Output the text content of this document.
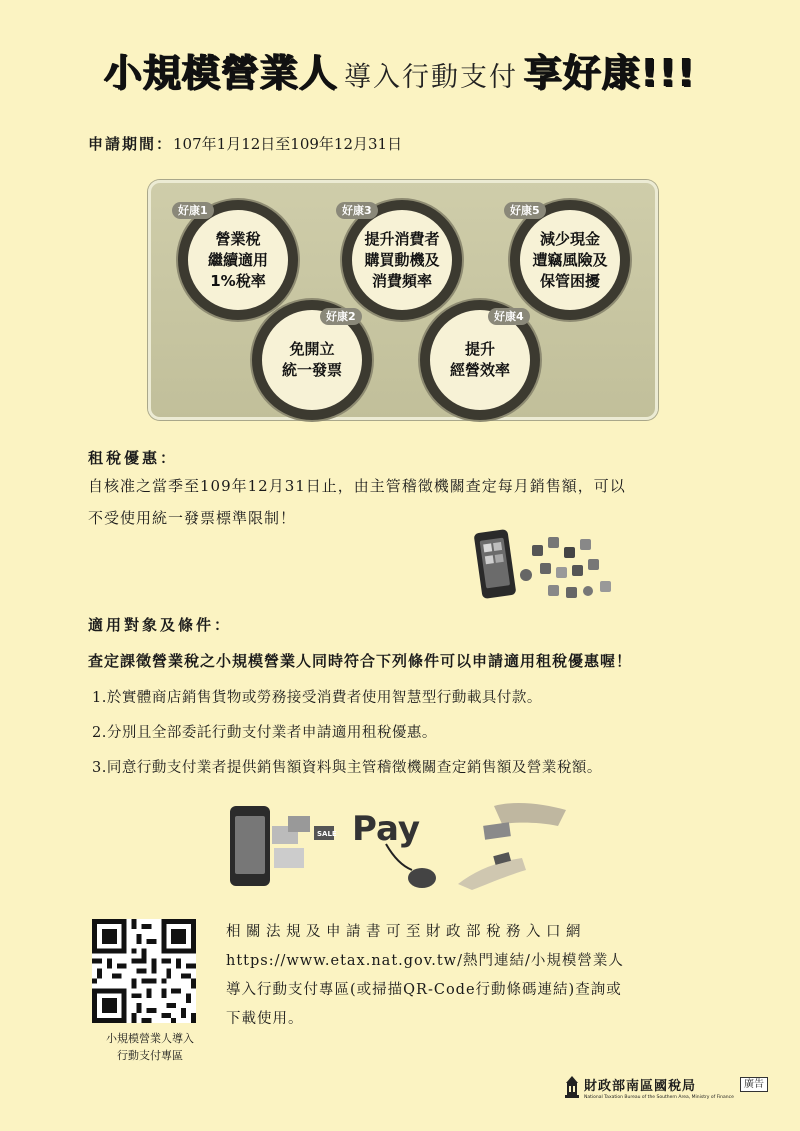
小規模營業人 導入行動支付 享好康!!!
申請期間：107年1月12日至109年12月31日
營業稅
繼續適用
1%稅率
好康1
提升消費者
購買動機及
消費頻率
好康3
減少現金
遭竊風險及
保管困擾
好康5
免開立
統一發票
好康2
提升
經營效率
好康4
租稅優惠：
自核准之當季至109年12月31日止，由主管稽徵機關查定每月銷售額，可以
不受使用統一發票標準限制！
適用對象及條件：
查定課徵營業稅之小規模營業人同時符合下列條件可以申請適用租稅優惠喔！
1.於實體商店銷售貨物或勞務接受消費者使用智慧型行動載具付款。
2.分別且全部委託行動支付業者申請適用租稅優惠。
3.同意行動支付業者提供銷售額資料與主管稽徵機關查定銷售額及營業稅額。
SALE Pay
小規模營業人導入
行動支付專區
相關法規及申請書可至財政部稅務入口網
https://www.etax.nat.gov.tw/熱門連結/小規模營業人
導入行動支付專區(或掃描QR-Code行動條碼連結)查詢或
下載使用。
財政部南區國稅局
National Taxation Bureau of the Southern Area, Ministry of Finance
廣告
